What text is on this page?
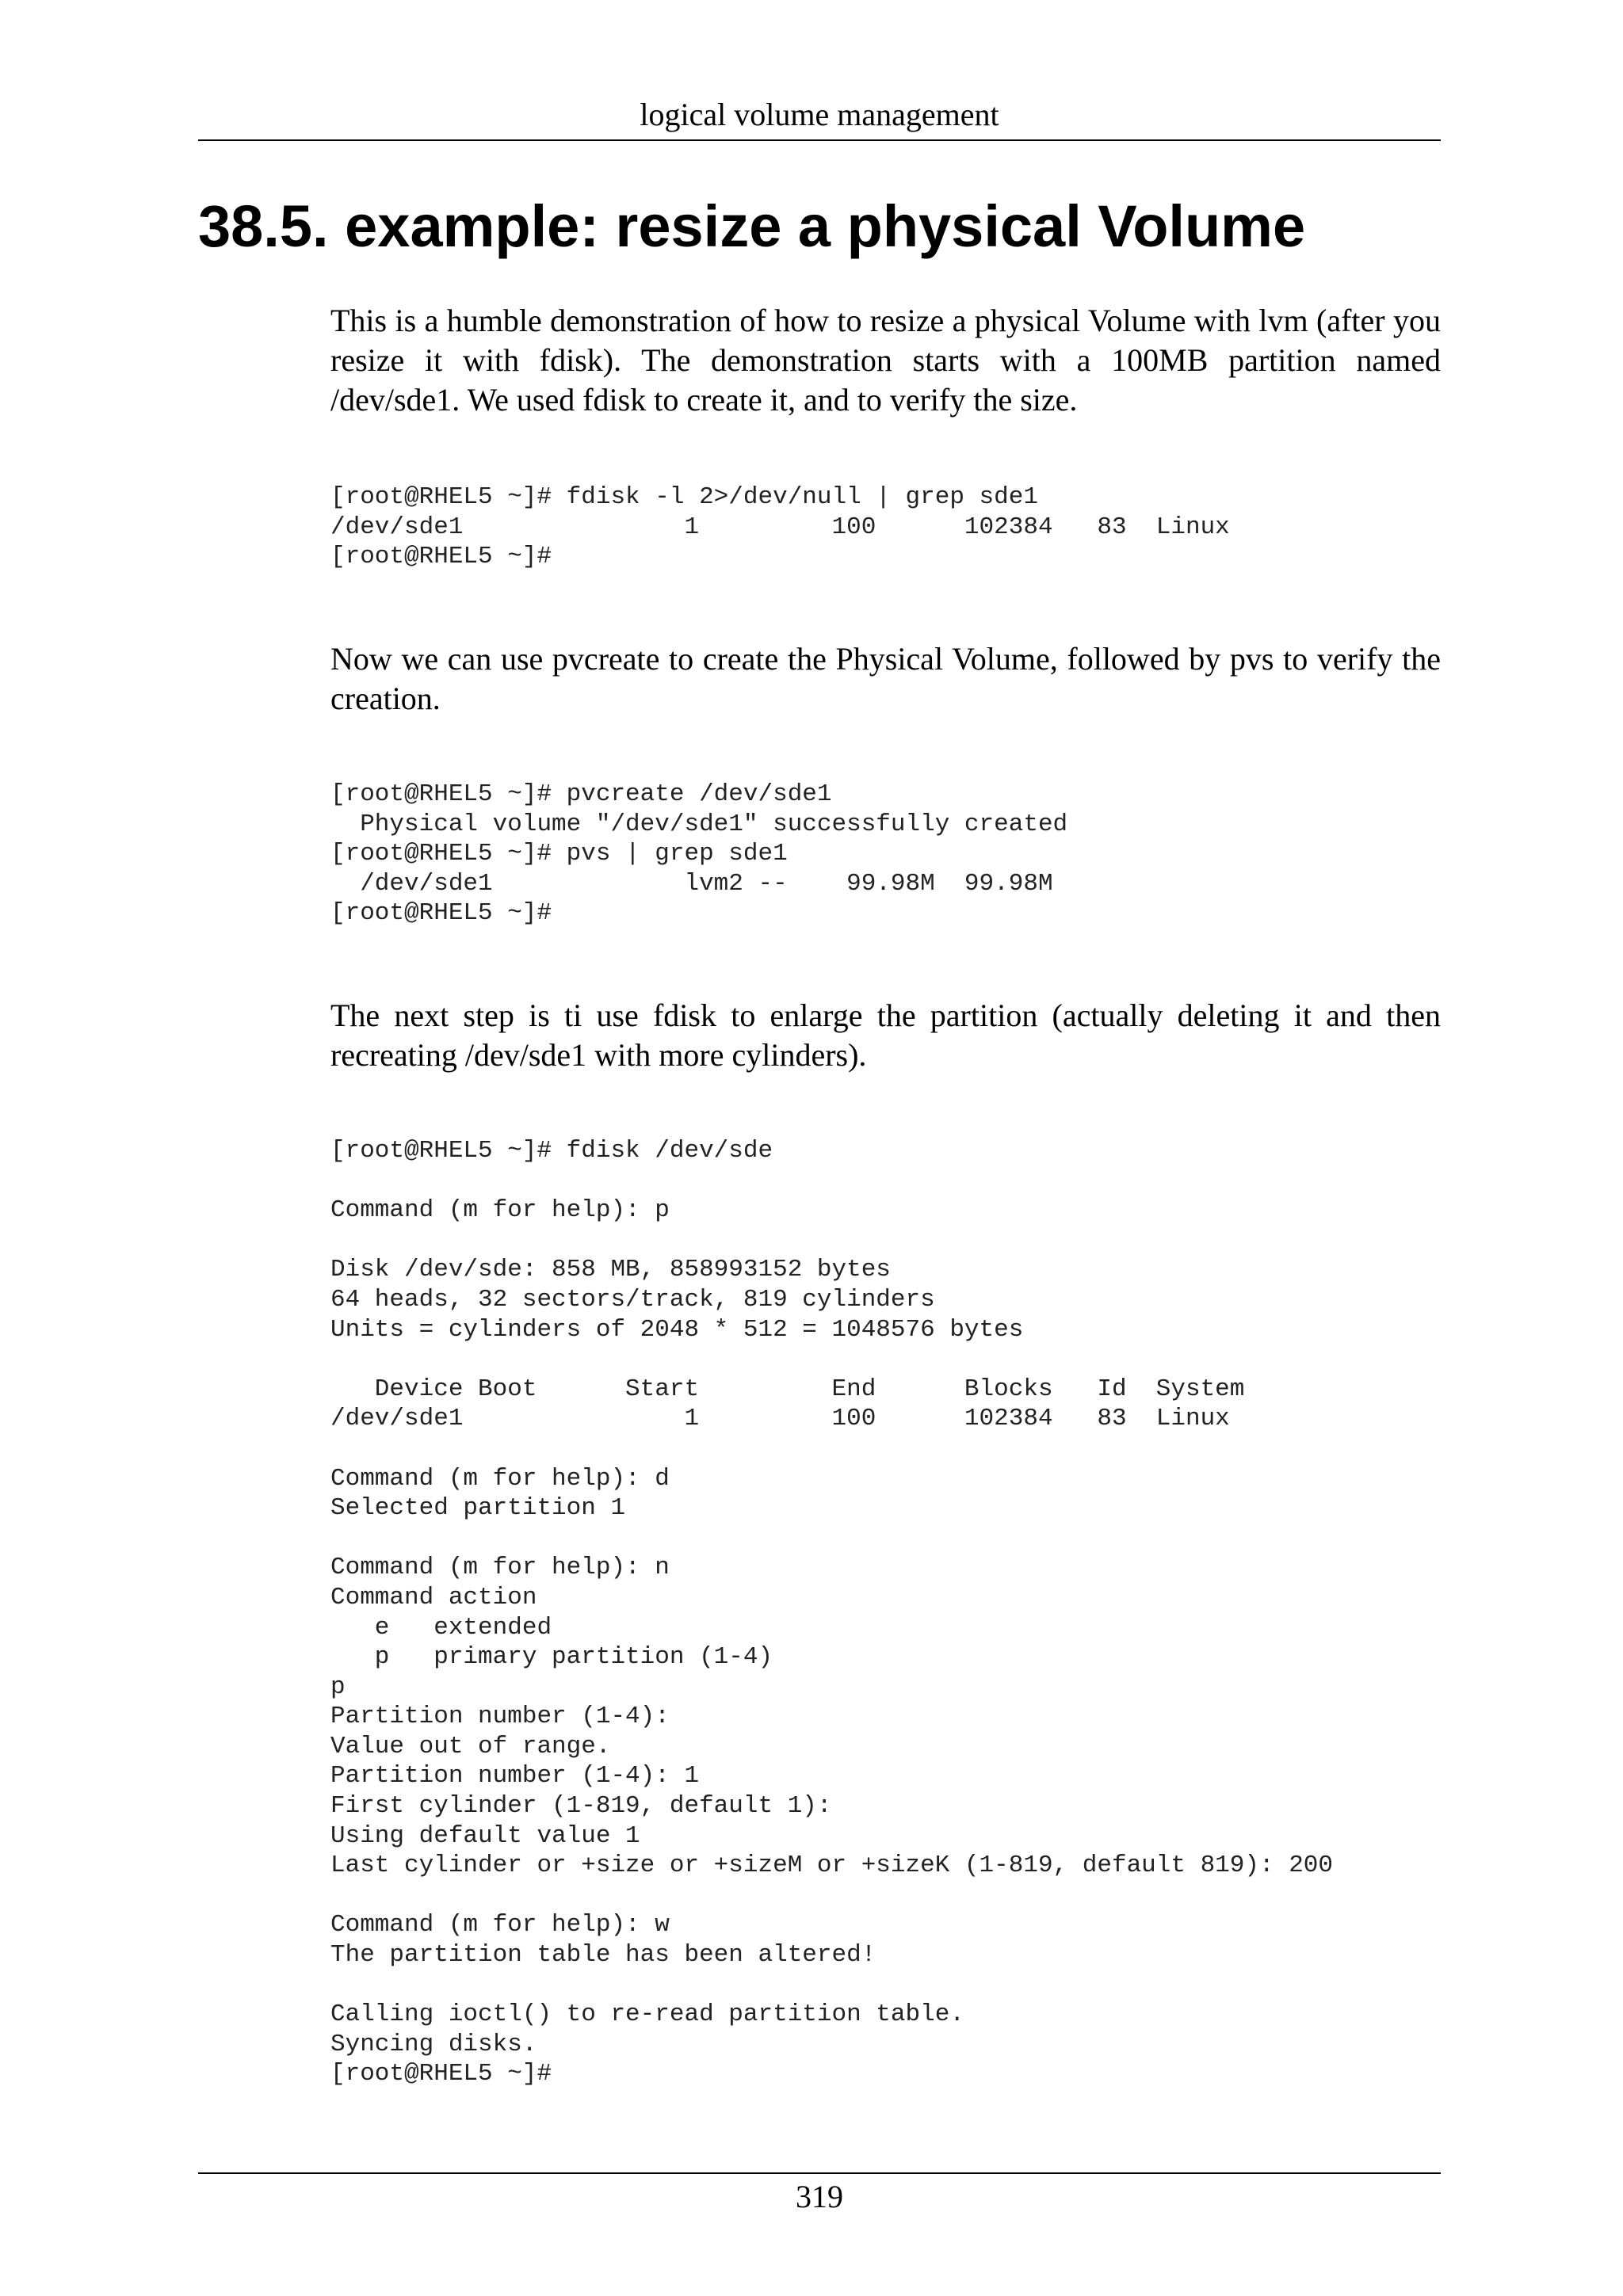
logical volume management
38.5. example: resize a physical Volume

This is a humble demonstration of how to resize a physical Volume with lvm (after you resize it with fdisk). The demonstration starts with a 100MB partition named /dev/sde1. We used fdisk to create it, and to verify the size.

[root@RHEL5 ~]# fdisk -l 2>/dev/null | grep sde1
/dev/sde1               1         100      102384   83  Linux
[root@RHEL5 ~]#

Now we can use pvcreate to create the Physical Volume, followed by pvs to verify the creation.

[root@RHEL5 ~]# pvcreate /dev/sde1
Physical volume "/dev/sde1" successfully created
[root@RHEL5 ~]# pvs | grep sde1
/dev/sde1             lvm2 --    99.98M  99.98M
[root@RHEL5 ~]#

The next step is ti use fdisk to enlarge the partition (actually deleting it and then recreating /dev/sde1 with more cylinders).

[root@RHEL5 ~]# fdisk /dev/sde

Command (m for help): p

Disk /dev/sde: 858 MB, 858993152 bytes
64 heads, 32 sectors/track, 819 cylinders
Units = cylinders of 2048 * 512 = 1048576 bytes

Device Boot      Start         End      Blocks   Id  System
/dev/sde1               1         100      102384   83  Linux

Command (m for help): d
Selected partition 1

Command (m for help): n
Command action
e   extended
p   primary partition (1-4)
p
Partition number (1-4):
Value out of range.
Partition number (1-4): 1
First cylinder (1-819, default 1):
Using default value 1
Last cylinder or +size or +sizeM or +sizeK (1-819, default 819): 200

Command (m for help): w
The partition table has been altered!

Calling ioctl() to re-read partition table.
Syncing disks.
[root@RHEL5 ~]#
319
